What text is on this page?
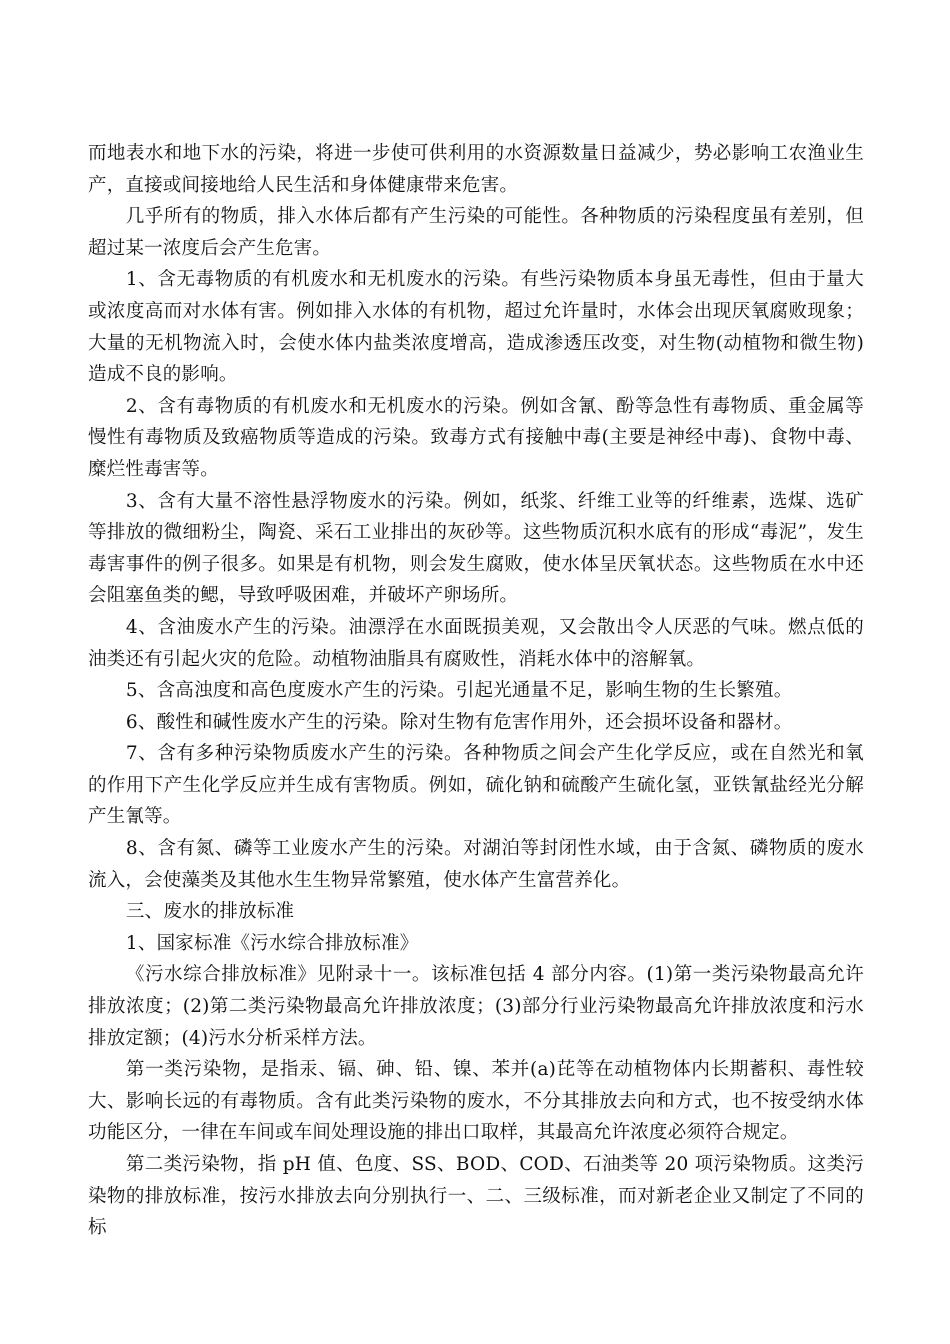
而地表水和地下水的污染，将进一步使可供利用的水资源数量日益减少，势必影响工农渔业生产，直接或间接地给人民生活和身体健康带来危害。

几乎所有的物质，排入水体后都有产生污染的可能性。各种物质的污染程度虽有差别，但超过某一浓度后会产生危害。

1、含无毒物质的有机废水和无机废水的污染。有些污染物质本身虽无毒性，但由于量大或浓度高而对水体有害。例如排入水体的有机物，超过允许量时，水体会出现厌氧腐败现象；大量的无机物流入时，会使水体内盐类浓度增高，造成渗透压改变，对生物(动植物和微生物)造成不良的影响。

2、含有毒物质的有机废水和无机废水的污染。例如含氰、酚等急性有毒物质、重金属等慢性有毒物质及致癌物质等造成的污染。致毒方式有接触中毒(主要是神经中毒)、食物中毒、糜烂性毒害等。

3、含有大量不溶性悬浮物废水的污染。例如，纸浆、纤维工业等的纤维素，选煤、选矿等排放的微细粉尘，陶瓷、采石工业排出的灰砂等。这些物质沉积水底有的形成“毒泥”，发生毒害事件的例子很多。如果是有机物，则会发生腐败，使水体呈厌氧状态。这些物质在水中还会阻塞鱼类的鳃，导致呼吸困难，并破坏产卵场所。

4、含油废水产生的污染。油漂浮在水面既损美观，又会散出令人厌恶的气味。燃点低的油类还有引起火灾的危险。动植物油脂具有腐败性，消耗水体中的溶解氧。

5、含高浊度和高色度废水产生的污染。引起光通量不足，影响生物的生长繁殖。

6、酸性和碱性废水产生的污染。除对生物有危害作用外，还会损坏设备和器材。

7、含有多种污染物质废水产生的污染。各种物质之间会产生化学反应，或在自然光和氧的作用下产生化学反应并生成有害物质。例如，硫化钠和硫酸产生硫化氢，亚铁氰盐经光分解产生氰等。

8、含有氮、磷等工业废水产生的污染。对湖泊等封闭性水域，由于含氮、磷物质的废水流入，会使藻类及其他水生生物异常繁殖，使水体产生富营养化。

三、废水的排放标准

1、国家标准《污水综合排放标准》

《污水综合排放标准》见附录十一。该标准包括 4 部分内容。(1)第一类污染物最高允许排放浓度；(2)第二类污染物最高允许排放浓度；(3)部分行业污染物最高允许排放浓度和污水排放定额；(4)污水分析采样方法。

第一类污染物，是指汞、镉、砷、铅、镍、苯并(a)芘等在动植物体内长期蓄积、毒性较大、影响长远的有毒物质。含有此类污染物的废水，不分其排放去向和方式，也不按受纳水体功能区分，一律在车间或车间处理设施的排出口取样，其最高允许浓度必须符合规定。

第二类污染物，指 pH 值、色度、SS、BOD、COD、石油类等 20 项污染物质。这类污染物的排放标准，按污水排放去向分别执行一、二、三级标准，而对新老企业又制定了不同的标
